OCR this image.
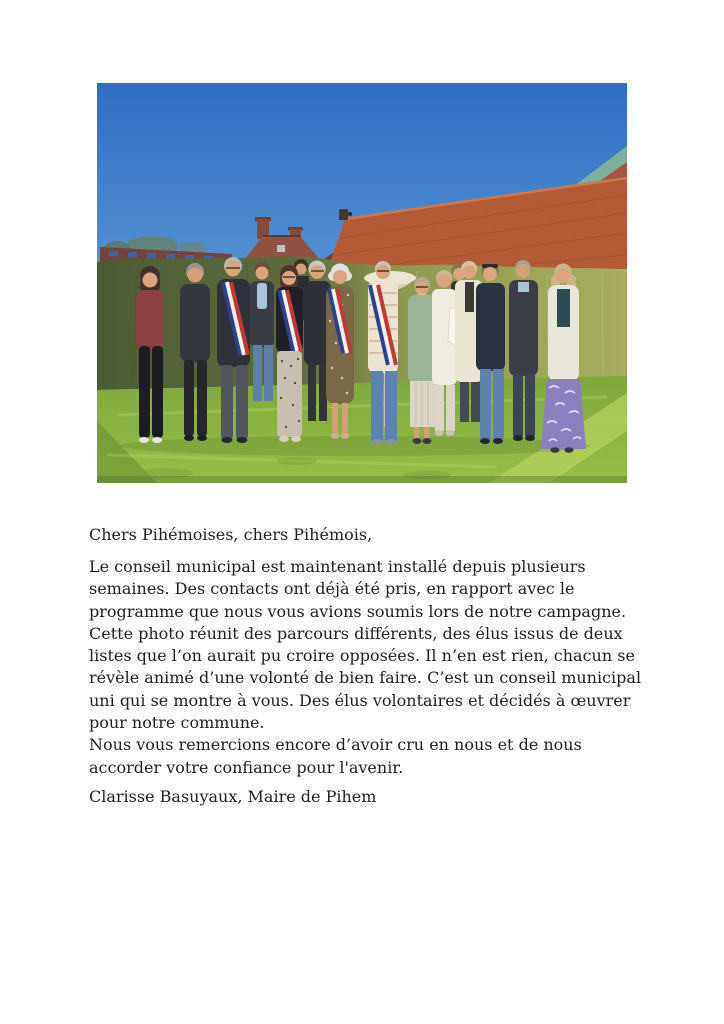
Chers Pihémoises, chers Pihémois,

Le conseil municipal est maintenant installé depuis plusieurs
semaines. Des contacts ont déjà été pris, en rapport avec le
programme que nous vous avions soumis lors de notre campagne.
Cette photo réunit des parcours différents, des élus issus de deux
listes que l’on aurait pu croire opposées. Il n’en est rien, chacun se
révèle animé d’une volonté de bien faire. C’est un conseil municipal
uni qui se montre à vous. Des élus volontaires et décidés à œuvrer
pour notre commune.
Nous vous remercions encore d’avoir cru en nous et de nous
accorder votre confiance pour l'avenir.

Clarisse Basuyaux, Maire de Pihem
